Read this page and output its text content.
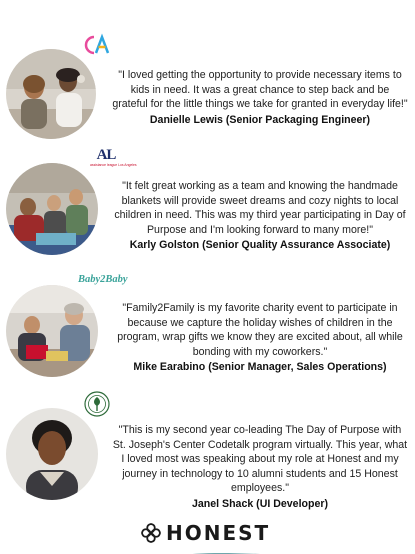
"I loved getting the opportunity to provide necessary items to kids in need. It was a great chance to step back and be grateful for the little things we take for granted in everyday life!"
Danielle Lewis (Senior Packaging Engineer)
AL
assistance league Los Angeles
"It felt great working as a team and knowing the handmade blankets will provide sweet dreams and cozy nights to local children in need. This was my third year participating in Day of Purpose and I'm looking forward to many more!"
Karly Golston (Senior Quality Assurance Associate)
Baby2Baby
"Family2Family is my favorite charity event to participate in because we capture the holiday wishes of children in the program, wrap gifts we know they are excited about, all while bonding with my coworkers."
Mike Earabino (Senior Manager, Sales Operations)
"This is my second year co-leading The Day of Purpose with St. Joseph's Center Codetalk program virtually. This year, what I loved most was speaking about my role at Honest and my journey in technology to 10 alumni students and 15 Honest employees."
Janel Shack (UI Developer)
HONEST
